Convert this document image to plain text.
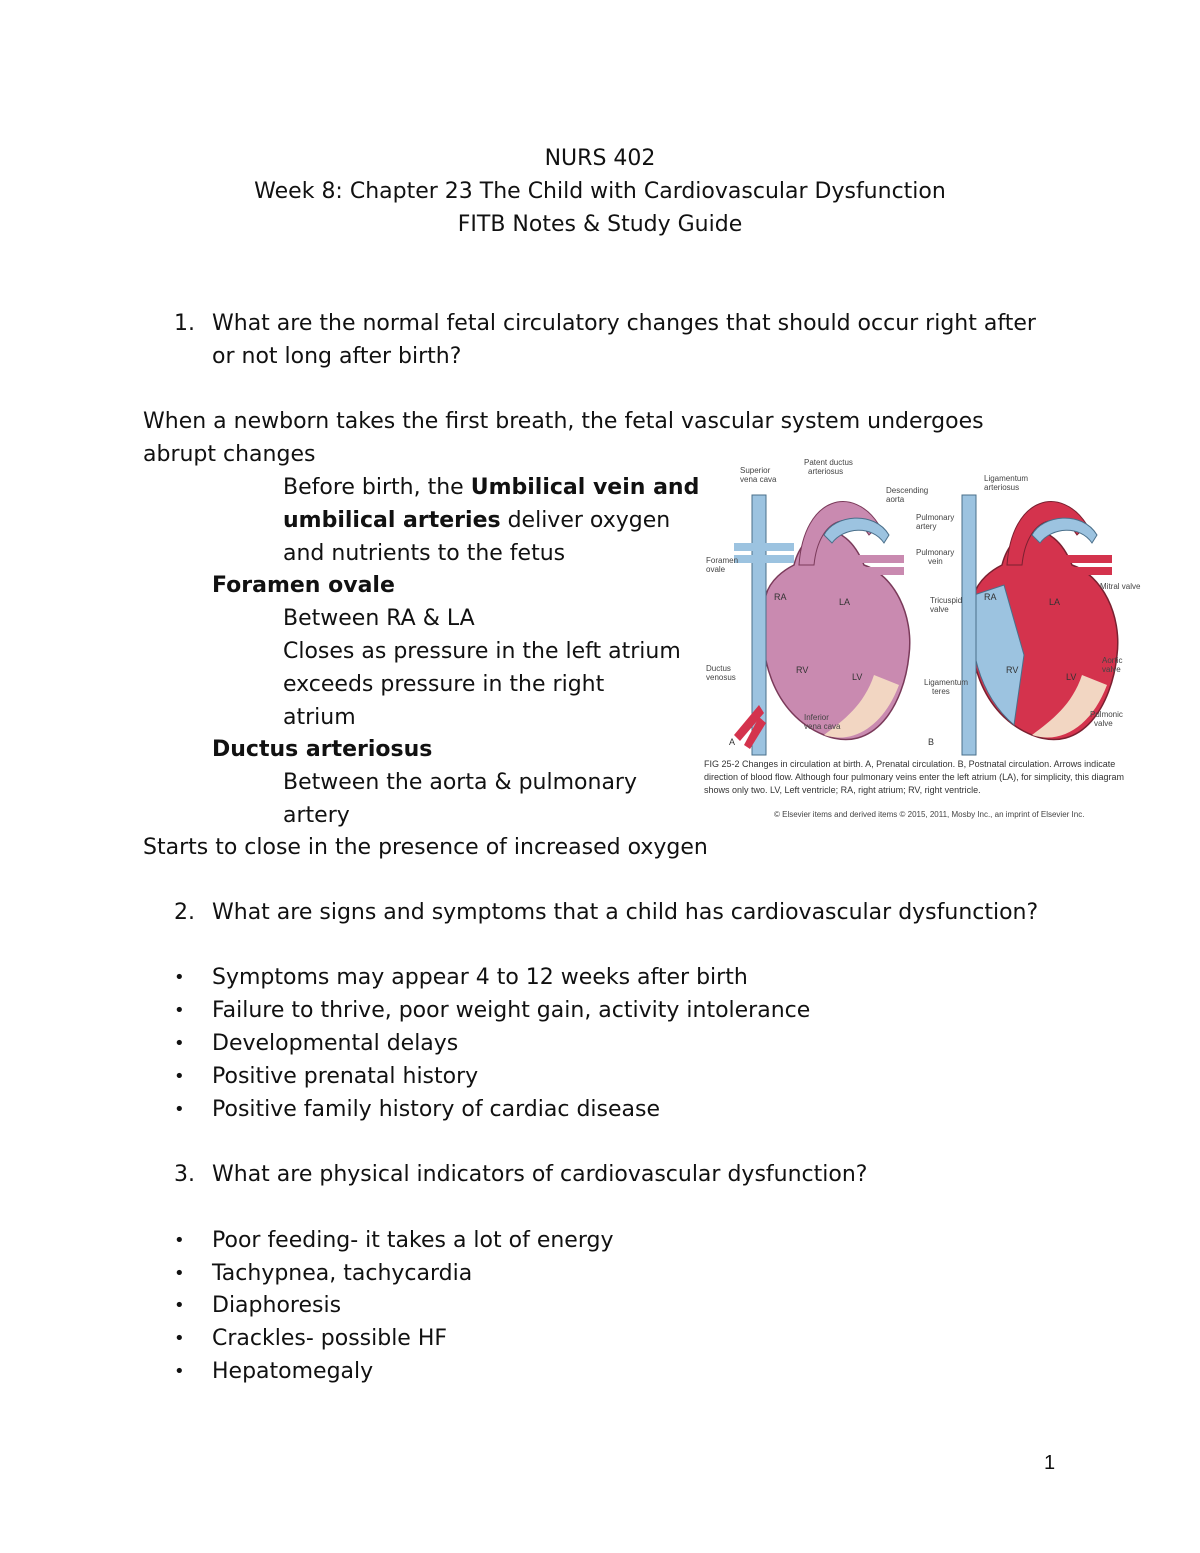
NURS 402
Week 8: Chapter 23 The Child with Cardiovascular Dysfunction
FITB Notes & Study Guide
1. What are the normal fetal circulatory changes that should occur right after
or not long after birth?
When a newborn takes the first breath, the fetal vascular system undergoes
abrupt changes
Before birth, the Umbilical vein and
umbilical arteries deliver oxygen
and nutrients to the fetus
Foramen ovale
Between RA & LA
Closes as pressure in the left atrium
exceeds pressure in the right
atrium
Ductus arteriosus
Between the aorta & pulmonary
artery
Starts to close in the presence of increased oxygen
RA	LA
RV
LV
A
RA	LA
RV
LV
B
Superior
vena cava
Patent ductus
arteriosus
Descending
aorta
Pulmonary
artery
Pulmonary
vein
Foramen
ovale
Ductus
venosus
Inferior
vena cava
Ligamentum
arteriosus
Mitral valve
Tricuspid
valve
Aortic
valve
Ligamentum
teres
Pulmonic
valve
FIG 25-2 Changes in circulation at birth. A, Prenatal circulation. B, Postnatal circulation. Arrows indicate
direction of blood flow. Although four pulmonary veins enter the left atrium (LA), for simplicity, this diagram
shows only two. LV, Left ventricle; RA, right atrium; RV, right ventricle.
© Elsevier items and derived items © 2015, 2011, Mosby Inc., an imprint of Elsevier Inc.
2. What are signs and symptoms that a child has cardiovascular dysfunction?
• Symptoms may appear 4 to 12 weeks after birth
• Failure to thrive, poor weight gain, activity intolerance
• Developmental delays
• Positive prenatal history
• Positive family history of cardiac disease
3. What are physical indicators of cardiovascular dysfunction?
• Poor feeding- it takes a lot of energy
• Tachypnea, tachycardia
• Diaphoresis
• Crackles- possible HF
• Hepatomegaly
1
